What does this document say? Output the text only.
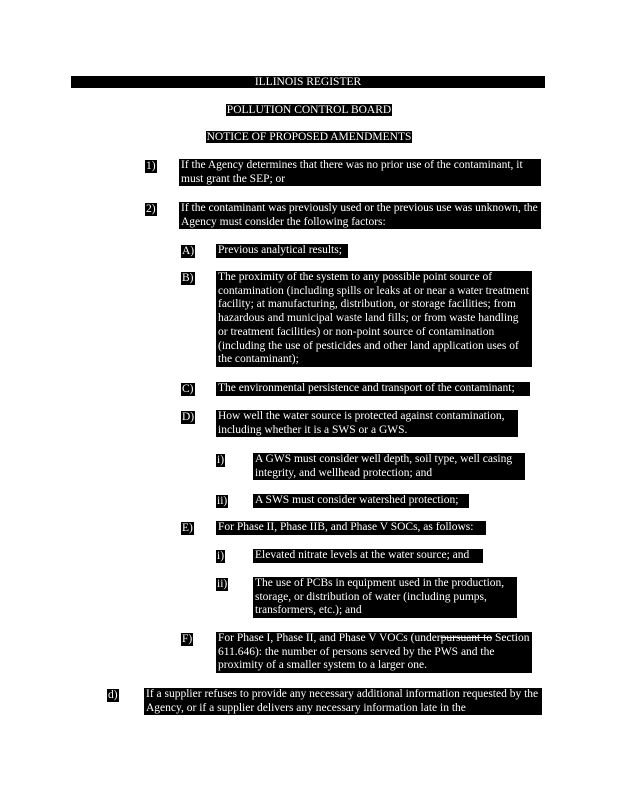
ILLINOIS REGISTER
POLLUTION CONTROL BOARD
NOTICE OF PROPOSED AMENDMENTS
1) If the Agency determines that there was no prior use of the contaminant, it must grant the SEP; or
2) If the contaminant was previously used or the previous use was unknown, the Agency must consider the following factors:
A) Previous analytical results;
B) The proximity of the system to any possible point source of contamination (including spills or leaks at or near a water treatment facility; at manufacturing, distribution, or storage facilities; from hazardous and municipal waste land fills; or from waste handling or treatment facilities) or non-point source of contamination (including the use of pesticides and other land application uses of the contaminant);
C) The environmental persistence and transport of the contaminant;
D) How well the water source is protected against contamination, including whether it is a SWS or a GWS.
i)	A GWS must consider well depth, soil type, well casing integrity, and wellhead protection; and
ii) A SWS must consider watershed protection;
E) For Phase II, Phase IIB, and Phase V SOCs, as follows:
i)	Elevated nitrate levels at the water source; and
ii) The use of PCBs in equipment used in the production, storage, or distribution of water (including pumps, transformers, etc.); and
F) For Phase I, Phase II, and Phase V VOCs (underpursuant to Section 611.646): the number of persons served by the PWS and the proximity of a smaller system to a larger one.
d) If a supplier refuses to provide any necessary additional information requested by the Agency, or if a supplier delivers any necessary information late in the
